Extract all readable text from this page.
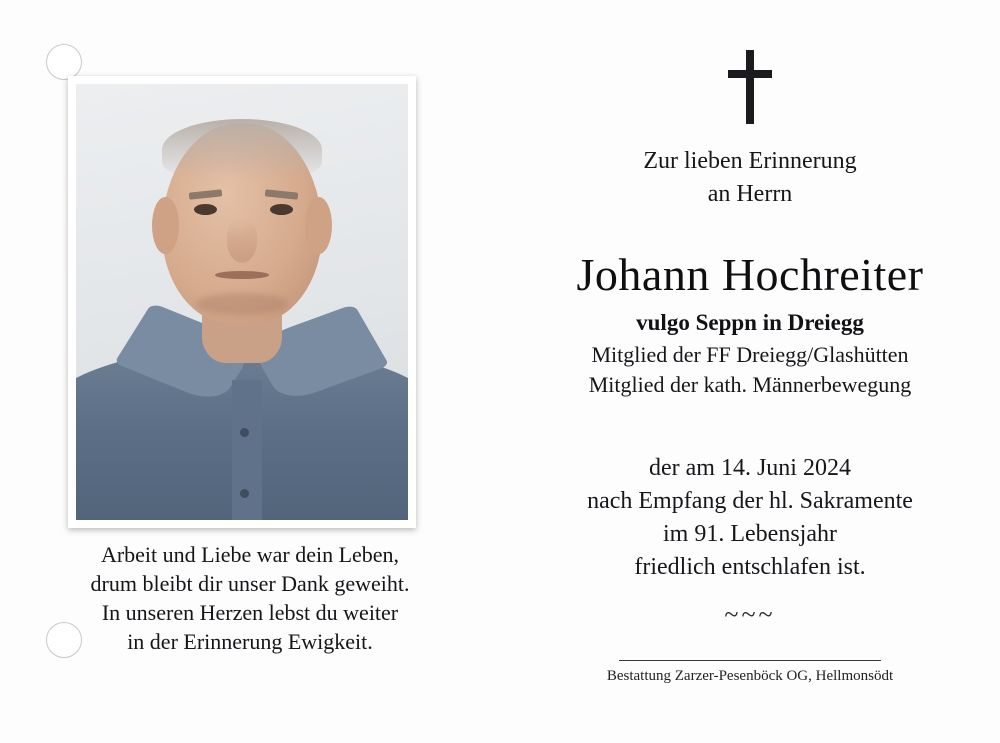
Arbeit und Liebe war dein Leben,
drum bleibt dir unser Dank geweiht.
In unseren Herzen lebst du weiter
in der Erinnerung Ewigkeit.
Zur lieben Erinnerung
an Herrn
Johann Hochreiter
vulgo Seppn in Dreiegg
Mitglied der FF Dreiegg/Glashütten
Mitglied der kath. Männerbewegung
der am 14. Juni 2024
nach Empfang der hl. Sakramente
im 91. Lebensjahr
friedlich entschlafen ist.
~~~
Bestattung Zarzer-Pesenböck OG, Hellmonsödt
